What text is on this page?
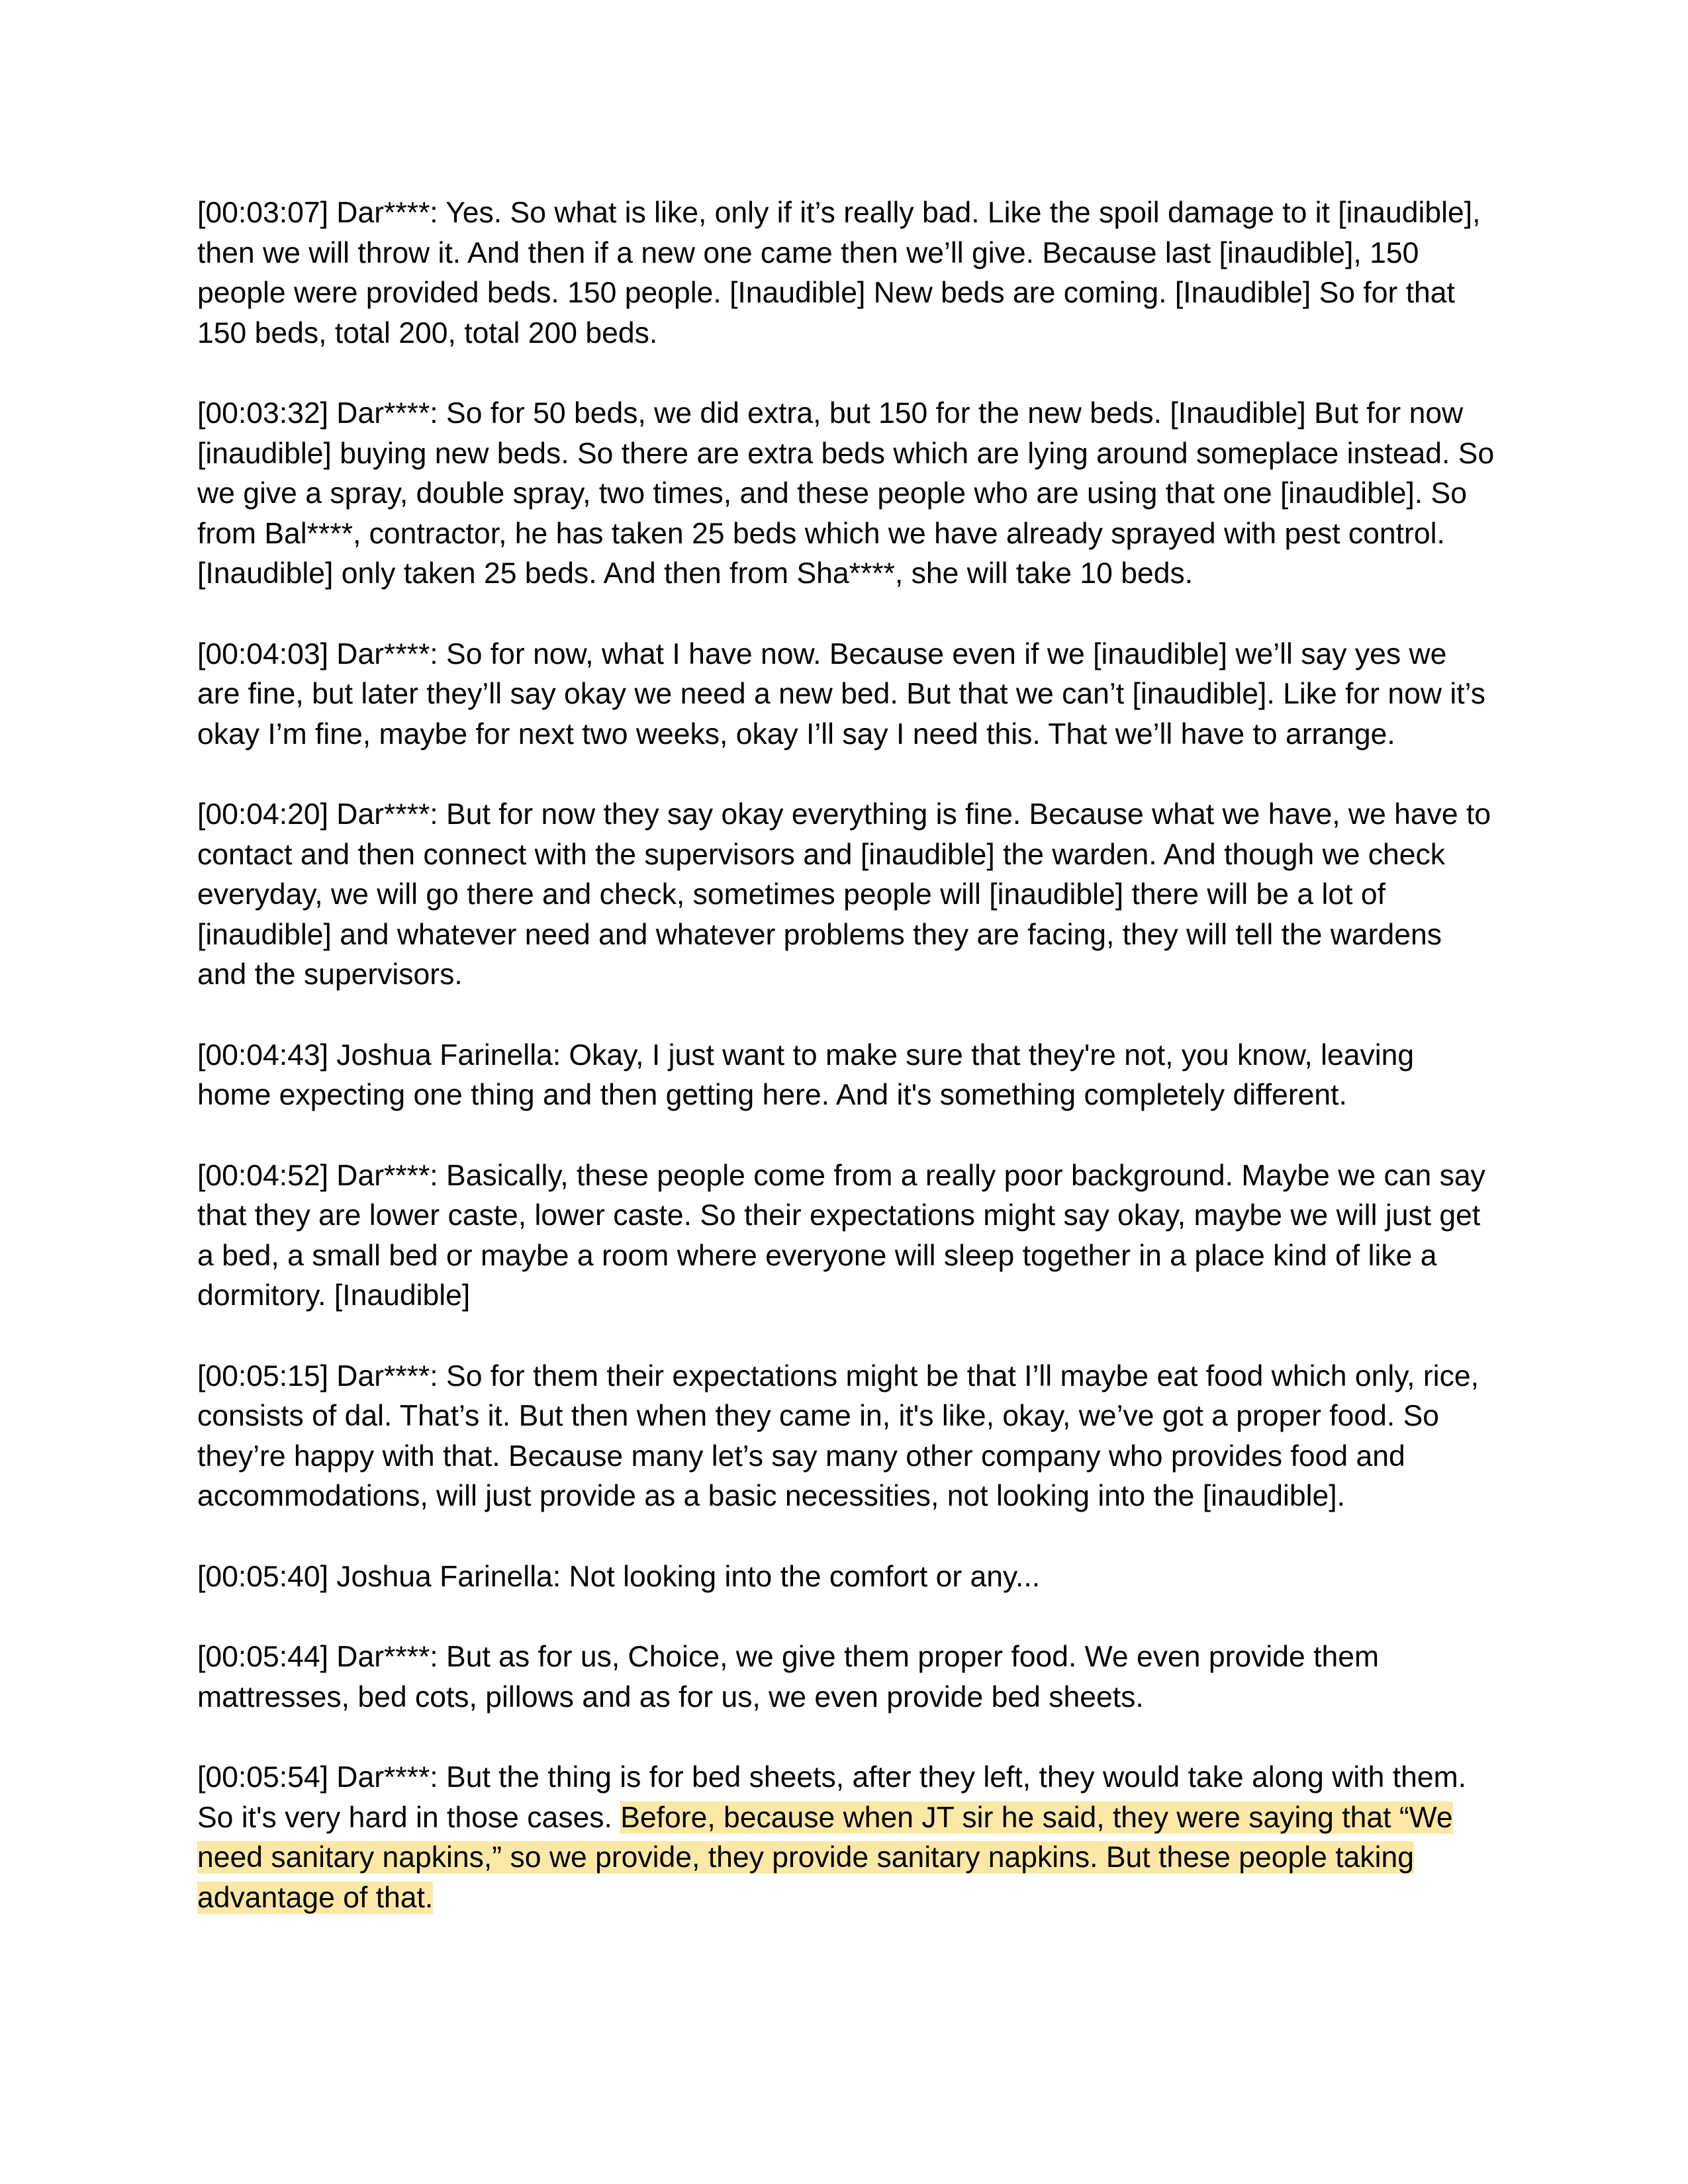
[00:03:07] Dar****: Yes. So what is like, only if it’s really bad. Like the spoil damage to it [inaudible], then we will throw it. And then if a new one came then we’ll give. Because last [inaudible], 150 people were provided beds. 150 people. [Inaudible] New beds are coming. [Inaudible] So for that 150 beds, total 200, total 200 beds.

[00:03:32] Dar****: So for 50 beds, we did extra, but 150 for the new beds. [Inaudible] But for now [inaudible] buying new beds. So there are extra beds which are lying around someplace instead. So we give a spray, double spray, two times, and these people who are using that one [inaudible]. So from Bal****, contractor, he has taken 25 beds which we have already sprayed with pest control. [Inaudible] only taken 25 beds. And then from Sha****, she will take 10 beds.

[00:04:03] Dar****: So for now, what I have now. Because even if we [inaudible] we’ll say yes we are fine, but later they’ll say okay we need a new bed. But that we can’t [inaudible]. Like for now it’s okay I’m fine, maybe for next two weeks, okay I’ll say I need this. That we’ll have to arrange.

[00:04:20] Dar****: But for now they say okay everything is fine. Because what we have, we have to contact and then connect with the supervisors and [inaudible] the warden. And though we check everyday, we will go there and check, sometimes people will [inaudible] there will be a lot of [inaudible] and whatever need and whatever problems they are facing, they will tell the wardens and the supervisors.

[00:04:43] Joshua Farinella: Okay, I just want to make sure that they're not, you know, leaving home expecting one thing and then getting here. And it's something completely different.

[00:04:52] Dar****: Basically, these people come from a really poor background. Maybe we can say that they are lower caste, lower caste. So their expectations might say okay, maybe we will just get a bed, a small bed or maybe a room where everyone will sleep together in a place kind of like a dormitory. [Inaudible]

[00:05:15] Dar****: So for them their expectations might be that I’ll maybe eat food which only, rice, consists of dal. That’s it. But then when they came in, it's like, okay, we’ve got a proper food. So they’re happy with that. Because many let’s say many other company who provides food and accommodations, will just provide as a basic necessities, not looking into the [inaudible].

[00:05:40] Joshua Farinella: Not looking into the comfort or any...

[00:05:44] Dar****: But as for us, Choice, we give them proper food. We even provide them mattresses, bed cots, pillows and as for us, we even provide bed sheets.

[00:05:54] Dar****: But the thing is for bed sheets, after they left, they would take along with them. So it's very hard in those cases. Before, because when JT sir he said, they were saying that “We need sanitary napkins,” so we provide, they provide sanitary napkins. But these people taking advantage of that.
